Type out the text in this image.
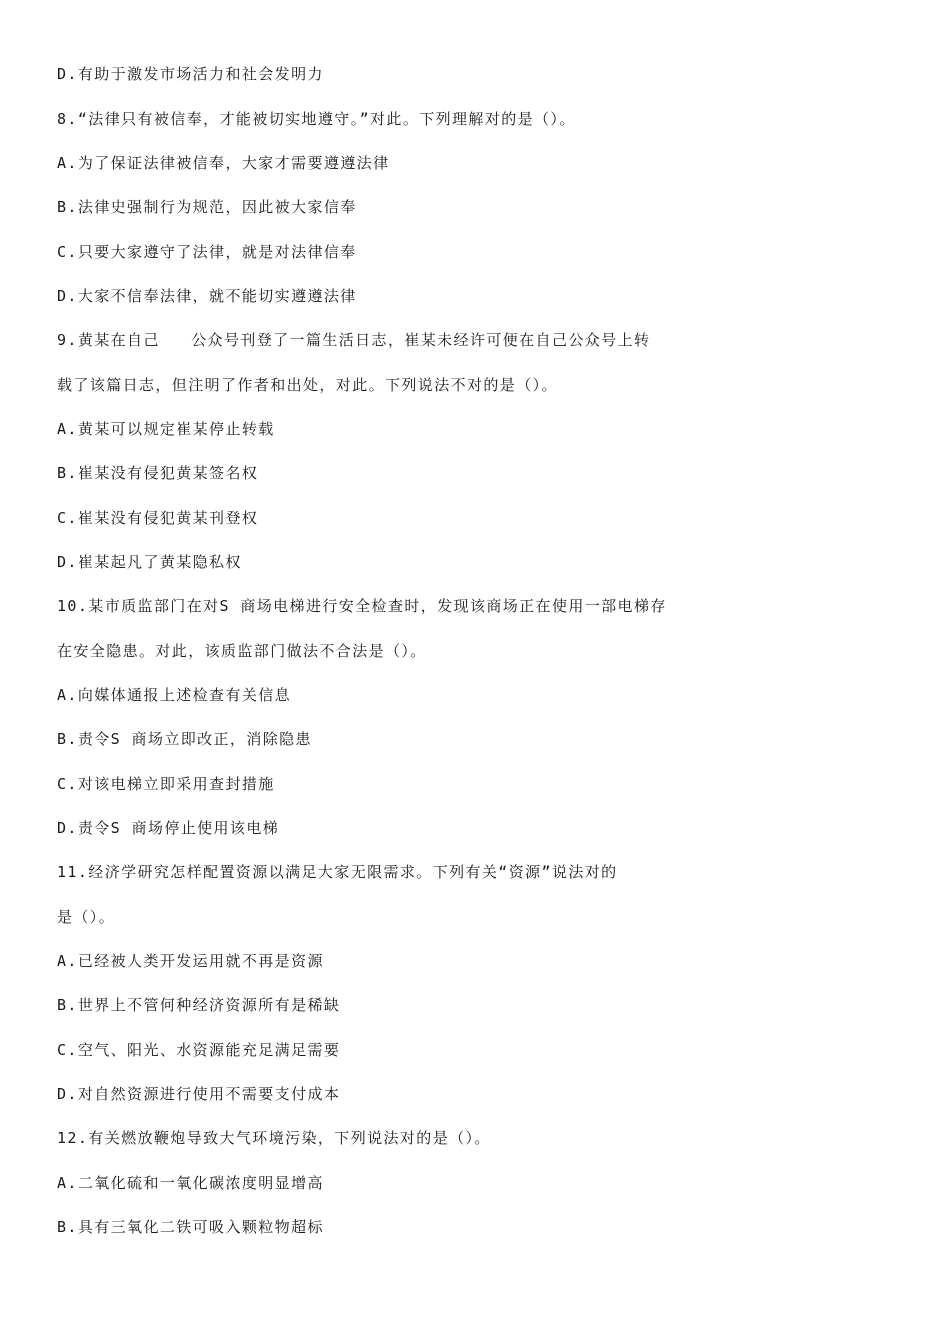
D.有助于激发市场活力和社会发明力
8.“法律只有被信奉，才能被切实地遵守。”对此。下列理解对的是（）。
A.为了保证法律被信奉，大家才需要遵遵法律
B.法律史强制行为规范，因此被大家信奉
C.只要大家遵守了法律，就是对法律信奉
D.大家不信奉法律，就不能切实遵遵法律
9.黄某在自己   公众号刊登了一篇生活日志，崔某未经许可便在自己公众号上转
载了该篇日志，但注明了作者和出处，对此。下列说法不对的是（）。
A.黄某可以规定崔某停止转载
B.崔某没有侵犯黄某签名权
C.崔某没有侵犯黄某刊登权
D.崔某起凡了黄某隐私权
10.某市质监部门在对S 商场电梯进行安全检查时，发现该商场正在使用一部电梯存
在安全隐患。对此，该质监部门做法不合法是（）。
A.向媒体通报上述检查有关信息
B.责令S 商场立即改正，消除隐患
C.对该电梯立即采用查封措施
D.责令S 商场停止使用该电梯
11.经济学研究怎样配置资源以满足大家无限需求。下列有关“资源”说法对的
是（）。
A.已经被人类开发运用就不再是资源
B.世界上不管何种经济资源所有是稀缺
C.空气、阳光、水资源能充足满足需要
D.对自然资源进行使用不需要支付成本
12.有关燃放鞭炮导致大气环境污染，下列说法对的是（）。
A.二氧化硫和一氧化碳浓度明显增高
B.具有三氧化二铁可吸入颗粒物超标
